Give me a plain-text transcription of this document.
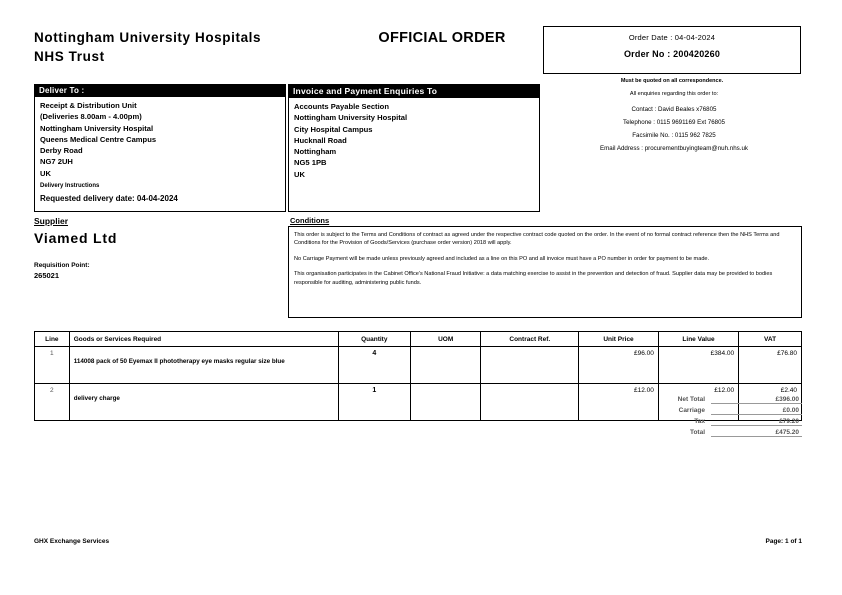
Nottingham University Hospitals
NHS Trust
OFFICIAL ORDER	Order Date : 04-04-2024
Order No : 200420260
Must be quoted on all correspondence.
Deliver To :
Receipt & Distribution Unit
(Deliveries 8.00am - 4.00pm)
Nottingham University Hospital
Queens Medical Centre Campus
Derby Road
NG7 2UH
UK
Delivery Instructions
Requested delivery date: 04-04-2024
Invoice and Payment Enquiries To
Accounts Payable Section
Nottingham University Hospital
City Hospital Campus
Hucknall Road
Nottingham
NG5 1PB
UK
All enquiries regarding this order to:
Contact : David Beales x76805
Telephone : 0115 9691169 Ext 76805
Facsimile No. : 0115 962 7825
Email Address : procurementbuyingteam@nuh.nhs.uk
Supplier
Viamed Ltd
Requisition Point:
265021
Conditions

This order is subject to the Terms and Conditions of contract as agreed under the respective contract code quoted on the order. In the event of no formal contract reference then the NHS Terms and Conditions for the Provision of Goods/Services (purchase order version) 2018 will apply.

No Carriage Payment will be made unless previously agreed and included as a line on this PO and all invoice must have a PO number in order for payment to be made.

This organisation participates in the Cabinet Office's National Fraud Initiative: a data matching exercise to assist in the prevention and detection of fraud. Supplier data may be provided to bodies responsible for auditing, administering public funds.

Line	Goods or Services Required	Quantity	UOM	Contract Ref.	Unit Price	Line Value	VAT
1	114008 pack of 50 Eyemax II phototherapy eye masks regular size blue	4			£96.00	£384.00	£76.80
2	delivery charge	1			£12.00	£12.00	£2.40
Net Total	£396.00
Carriage	£0.00
Tax	£79.20
Total	£475.20
GHX Exchange Services	Page: 1 of 1
